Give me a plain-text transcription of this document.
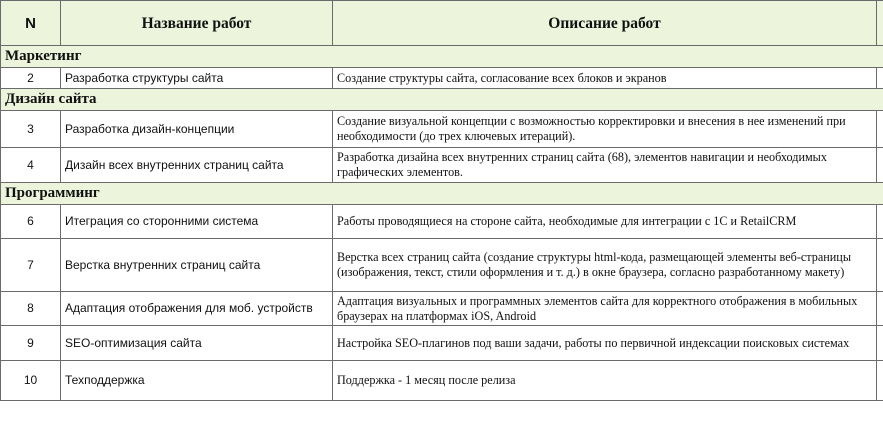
N	Название работ	Описание работ	
Маркетинг			
2	Разработка структуры сайта	Создание структуры сайта, согласование всех блоков и экранов	
Дизайн сайта			
3	Разработка дизайн-концепции	Создание визуальной концепции с возможностью корректировки и внесения в нее изменений при необходимости (до трех ключевых итераций).	
4	Дизайн всех внутренних страниц сайта	Разработка дизайна всех внутренних страниц сайта (68), элементов навигации и необходимых графических элементов.	
Программинг			
6	Итеграция со сторонними система	Работы проводящиеся на стороне сайта, необходимые для интеграции с 1С и RetailCRM	
7	Верстка внутренних страниц сайта	Верстка всех страниц сайта (создание структуры html-кода, размещающей элементы веб-страницы (изображения, текст, стили оформления и т. д.) в окне браузера, согласно разработанному макету)	
8	Адаптация отображения для моб. устройств	Адаптация визуальных и программных элементов сайта для корректного отображения в мобильных браузерах на платформах iOS, Android	
9	SEO-оптимизация сайта	Настройка SEO-плагинов под ваши задачи, работы по первичной индексации поисковых системах	
10	Техподдержка	Поддержка - 1 месяц после релиза	
